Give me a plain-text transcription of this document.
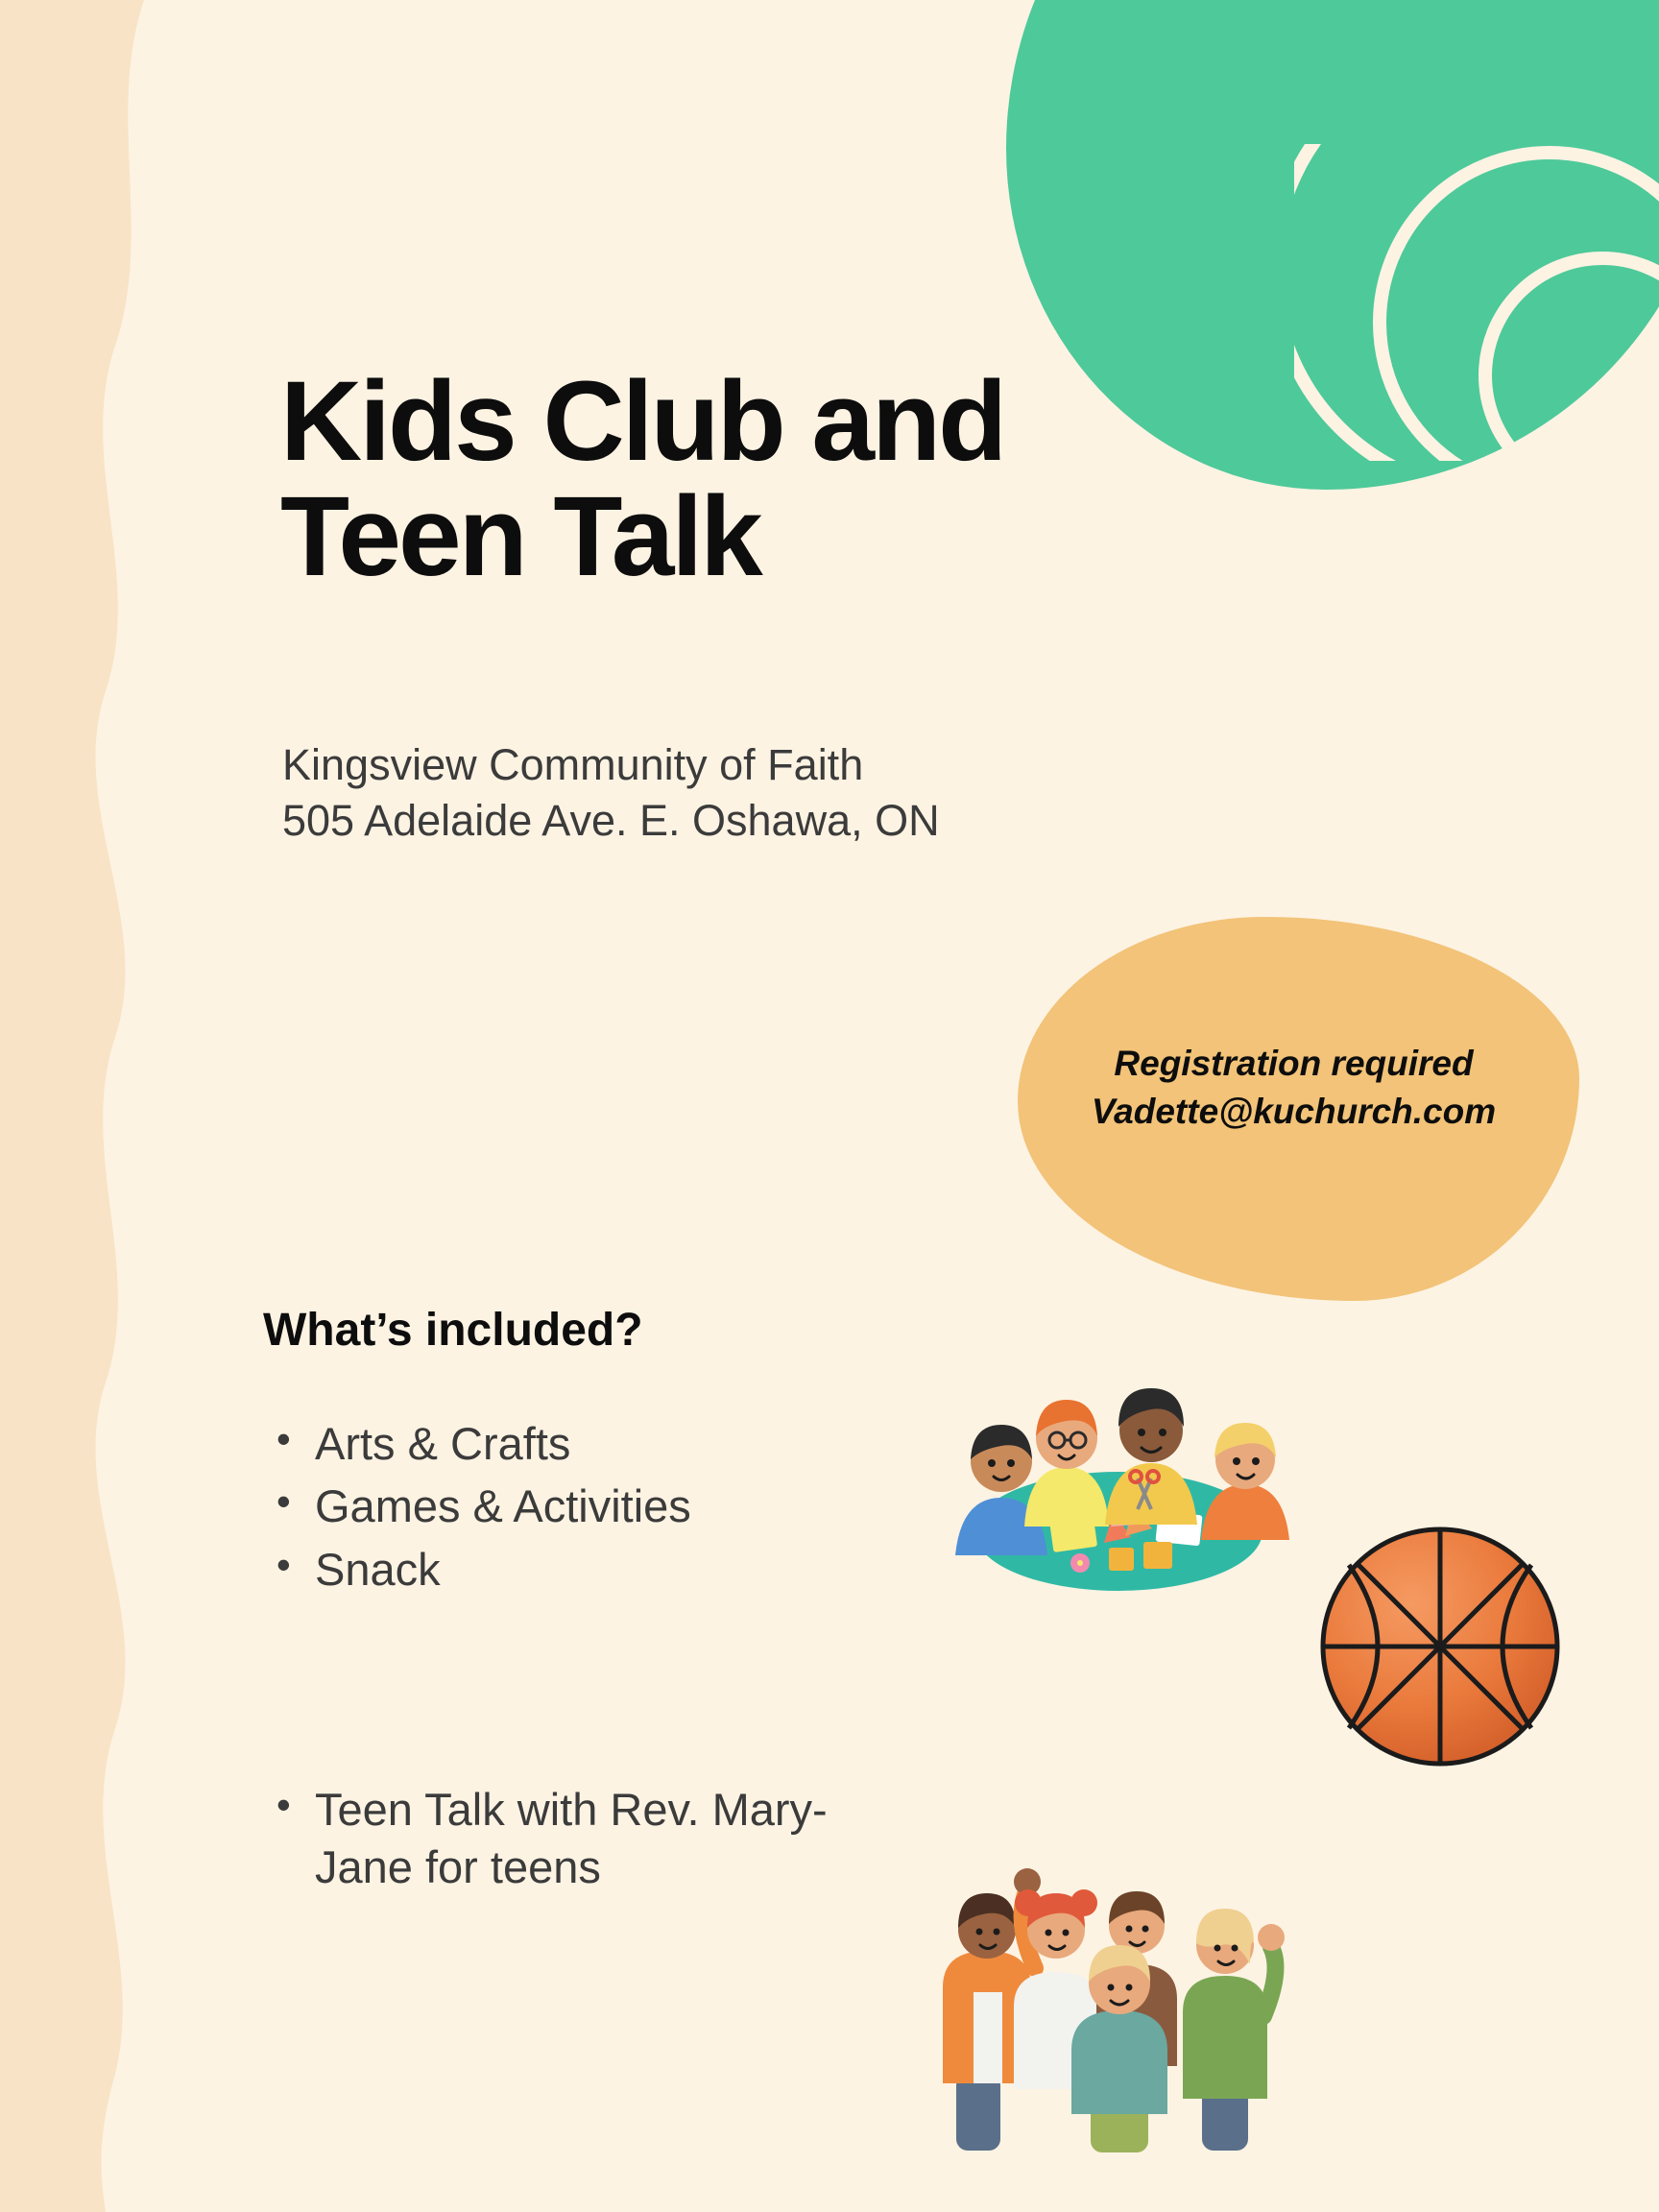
Kids Club and
Teen Talk
Kingsview Community of Faith
505 Adelaide Ave. E. Oshawa, ON
Registration required
Vadette@kuchurch.com
What’s included?
• Arts & Crafts
• Games & Activities
• Snack
• Teen Talk with Rev. Mary-Jane for teens
